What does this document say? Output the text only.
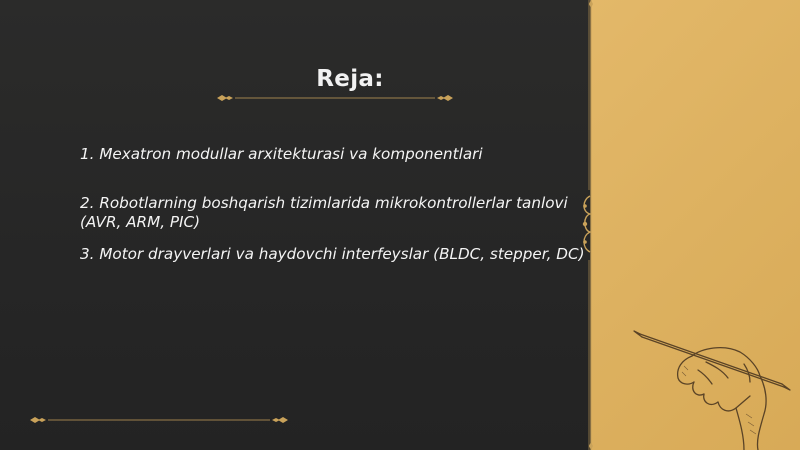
Reja:
1. Mexatron modullar arxitekturasi va komponentlari
2. Robotlarning boshqarish tizimlarida mikrokontrollerlar tanlovi (AVR, ARM, PIC)
3. Motor drayverlari va haydovchi interfeyslar (BLDC, stepper, DC)
